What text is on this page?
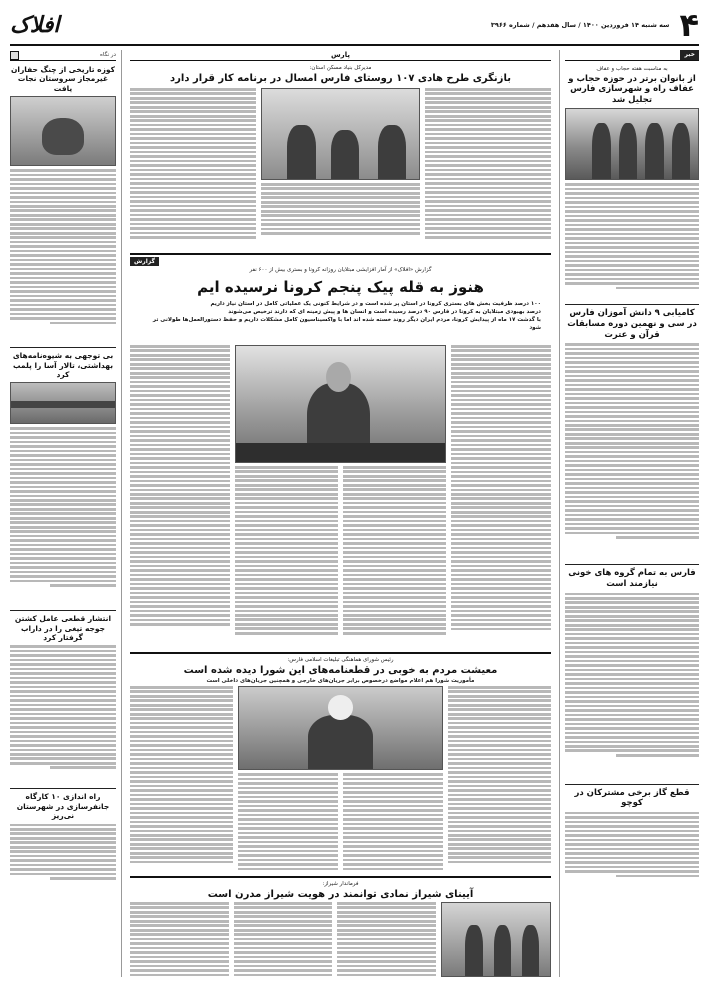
۴
سه شنبه ۱۴ فروردین ۱۴۰۰ / سال هفدهم / شماره ۳۹۶۶
افلاک
خبر
به مناسبت هفته حجاب و عفاف
از بانوان برتر در حوزه حجاب و عفاف راه و شهرسازی فارس تجلیل شد
کامیابی ۹ دانش آموزان فارس در سی و نهمین دوره مسابقات قرآن و عترت
فارس به تمام گروه های خونی نیازمند است
قطع گاز برخی مشترکان در کوچو
در نگاه
کوزه تاریخی از چنگ حفاران غیرمجاز سروستان نجات یافت
بی توجهی به شیوه‌نامه‌های بهداشتی، تالار آسا را پلمب کرد
انتشار قطعی عامل کشتن جوجه تیغی را در داراب گرفتار کرد
راه اندازی ۱۰ کارگاه جانفرسازی در شهرستان نی‌ریز
پارس
مدیرکل بنیاد مسکن استان:
بازنگری طرح هادی ۱۰۷ روستای فارس امسال در برنامه کار قرار دارد
گزارش
گزارش «افلاک» از آمار افزایشی مبتلایان روزانه کرونا و بستری بیش از ۶۰۰ نفر
هنوز به قله پیک پنجم کرونا نرسیده ایم
۱۰۰ درصد ظرفیت بخش های بستری کرونا در استان پر شده است و در شرایط کنونی یک عملیاتی کامل در استان نیاز داریم
درصد بهبودی مبتلایان به کرونا در فارس ۹۰ درصد رسیده است و انسان ها و پیش زمینه ای که دارند ترخیص می‌شوند
با گذشت ۱۷ ماه از پیدایش کرونا، مردم ایران دیگر روند خسته شده اند اما با واکسیناسیون کامل مشکلات داریم و حفظ دستورالعمل‌ها طولانی تر شود
رئیس شورای هماهنگی تبلیغات اسلامی فارس:
معیشت مردم به خوبی در قطعنامه‌های این شورا دیده شده است
مأموریت شورا هم اعلام مواضع درخصوص برابر جریان‌های خارجی و همچنین جریان‌های داخلی است
فرماندار شیراز:
آیینای شیراز نمادی توانمند در هویت شیراز مدرن است
